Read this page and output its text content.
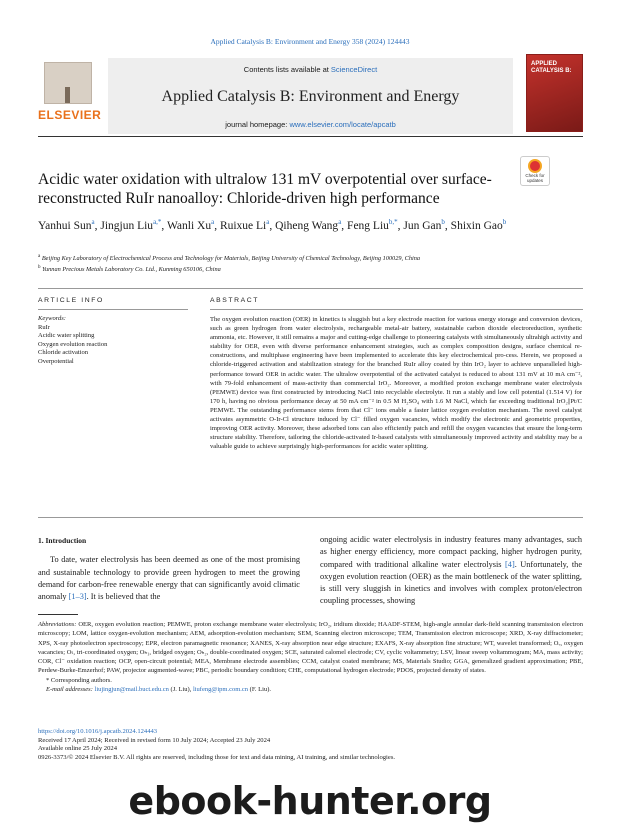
Applied Catalysis B: Environment and Energy 358 (2024) 124443
ELSEVIER
Contents lists available at ScienceDirect
Applied Catalysis B: Environment and Energy
journal homepage: www.elsevier.com/locate/apcatb
APPLIED CATALYSIS B:
Acidic water oxidation with ultralow 131 mV overpotential over surface-reconstructed RuIr nanoalloy: Chloride-driven high performance
Check for updates
Yanhui Sun$^a$, Jingjun Liu$^{a,*}$, Wanli Xu$^a$, Ruixue Li$^a$, Qiheng Wang$^a$, Feng Liu$^{b,*}$, Jun Gan$^b$, Shixin Gao$^b$
$^a$ Beijing Key Laboratory of Electrochemical Process and Technology for Materials, Beijing University of Chemical Technology, Beijing 100029, China
$^b$ Yunnan Precious Metals Laboratory Co. Ltd., Kunming 650106, China
ARTICLE INFO	ABSTRACT
Keywords:
RuIr
Acidic water splitting
Oxygen evolution reaction
Chloride activation
Overpotential
The oxygen evolution reaction (OER) in kinetics is sluggish but a key electrode reaction for various energy storage and conversion devices, such as green hydrogen from water electrolysis, rechargeable metal-air battery, sustainable carbon dioxide electroreduction, synthetic ammonia, etc. However, it still remains a major and cutting-edge challenge to pioneering catalysts with simultaneously ultrahigh activity and stability for OER, even with diverse performance enhancement strategies, such as complex composition designs, surface chemical re-constructions, and multiphase engineering have been implemented to accelerate this key electrochemical pro-cess. Herein, we proposed a chloride-triggered activation and stabilization strategy for the branched RuIr alloy coated by thin IrO₂ layer to achieve unparalleled high-performance toward OER in acidic water. The ultralow overpotential of the activated catalyst is reduced to about 131 mV at 10 mA cm⁻², with 79-fold enhancement of mass-activity than commercial IrO₂. Moreover, a modified proton exchange membrane water electrolysis (PEMWE) device was first constructed by introducing NaCl into recyclable electrolyte. It run a stably and low cell potential (1.514 V) for 170 h, having no obvious performance decay at 50 mA cm⁻² in 0.5 M H₂SO₄ with 1.6 M NaCl, which far exceeding traditional IrO₂||Pt/C PEMWE. The outstanding performance stems from that Cl⁻ ions enable a faster lattice oxygen evolution mechanism. The novel catalyst activates asymmetric O-Ir-Cl structure induced by Cl⁻ filled oxygen vacancies, which modify the electronic and geometric properties, improving OER activity. Moreover, these adsorbed ions can also efficiently patch and refill the oxygen vacancies that ensure the long-term structure stability. Therefore, tailoring the chloride-activated Ir-based catalysts with simultaneously improved activity and stability may be a valuable guide to achieve surprisingly high-performances for acidic water splitting.
1. Introduction
To date, water electrolysis has been deemed as one of the most promising and sustainable technology to provide green hydrogen to meet the growing demand for carbon-free renewable energy that can significantly avoid climatic anomaly [1–3]. It is believed that the
ongoing acidic water electrolysis in industry features many advantages, such as higher energy efficiency, more compact packing, higher hydrogen purity, compared with traditional alkaline water electrolysis [4]. Unfortunately, the oxygen evolution reaction (OER) as the main bottleneck of the water splitting, is still very sluggish in kinetics and involves with complex proton/electron coupling processes, showing
Abbreviations: OER, oxygen evolution reaction; PEMWE, proton exchange membrane water electrolysis; IrO₂, iridium dioxide; HAADF-STEM, high-angle annular dark-field scanning transmission electron microscopy; LOM, lattice oxygen-evolution mechanism; AEM, adsorption-evolution mechanism; SEM, Scanning electron microscope; TEM, Transmission electron microscope; XRD, X-ray diffractometer; XPS, X-ray photoelectron spectroscopy; EPR, electron paramagnetic resonance; XANES, X-ray absorption near edge structure; EXAFS, X-ray absorption fine structure; WT, wavelet transformed; Oᵥ, oxygen vacancies; Oₜ, tri-coordinated oxygen; Oₕ₁, bridged oxygen; Oₕ₂, double-coordinated oxygen; SCE, saturated calomel electrode; CV, cyclic voltammetry; LSV, linear sweep voltammogram; MA, mass activity; COR, Cl⁻ oxidation reaction; OCP, open-circuit potential; MEA, Membrane electrode assemblies; CCM, catalyst coated membrane; MS, Materials Studio; GGA, generalized gradient approximation; PBE, Perdew-Burke-Emzerhof; PAW, projector augmented-wave; PBC, periodic boundary condition; CHE, computational hydrogen electrode; PDOS, projected density of states.
* Corresponding authors.
E-mail addresses: liujingjun@mail.buct.edu.cn (J. Liu), liufeng@ipm.com.cn (F. Liu).
https://doi.org/10.1016/j.apcatb.2024.124443
Received 17 April 2024; Received in revised form 10 July 2024; Accepted 23 July 2024
Available online 25 July 2024
0926-3373/© 2024 Elsevier B.V. All rights are reserved, including those for text and data mining, AI training, and similar technologies.
ebook-hunter.org
